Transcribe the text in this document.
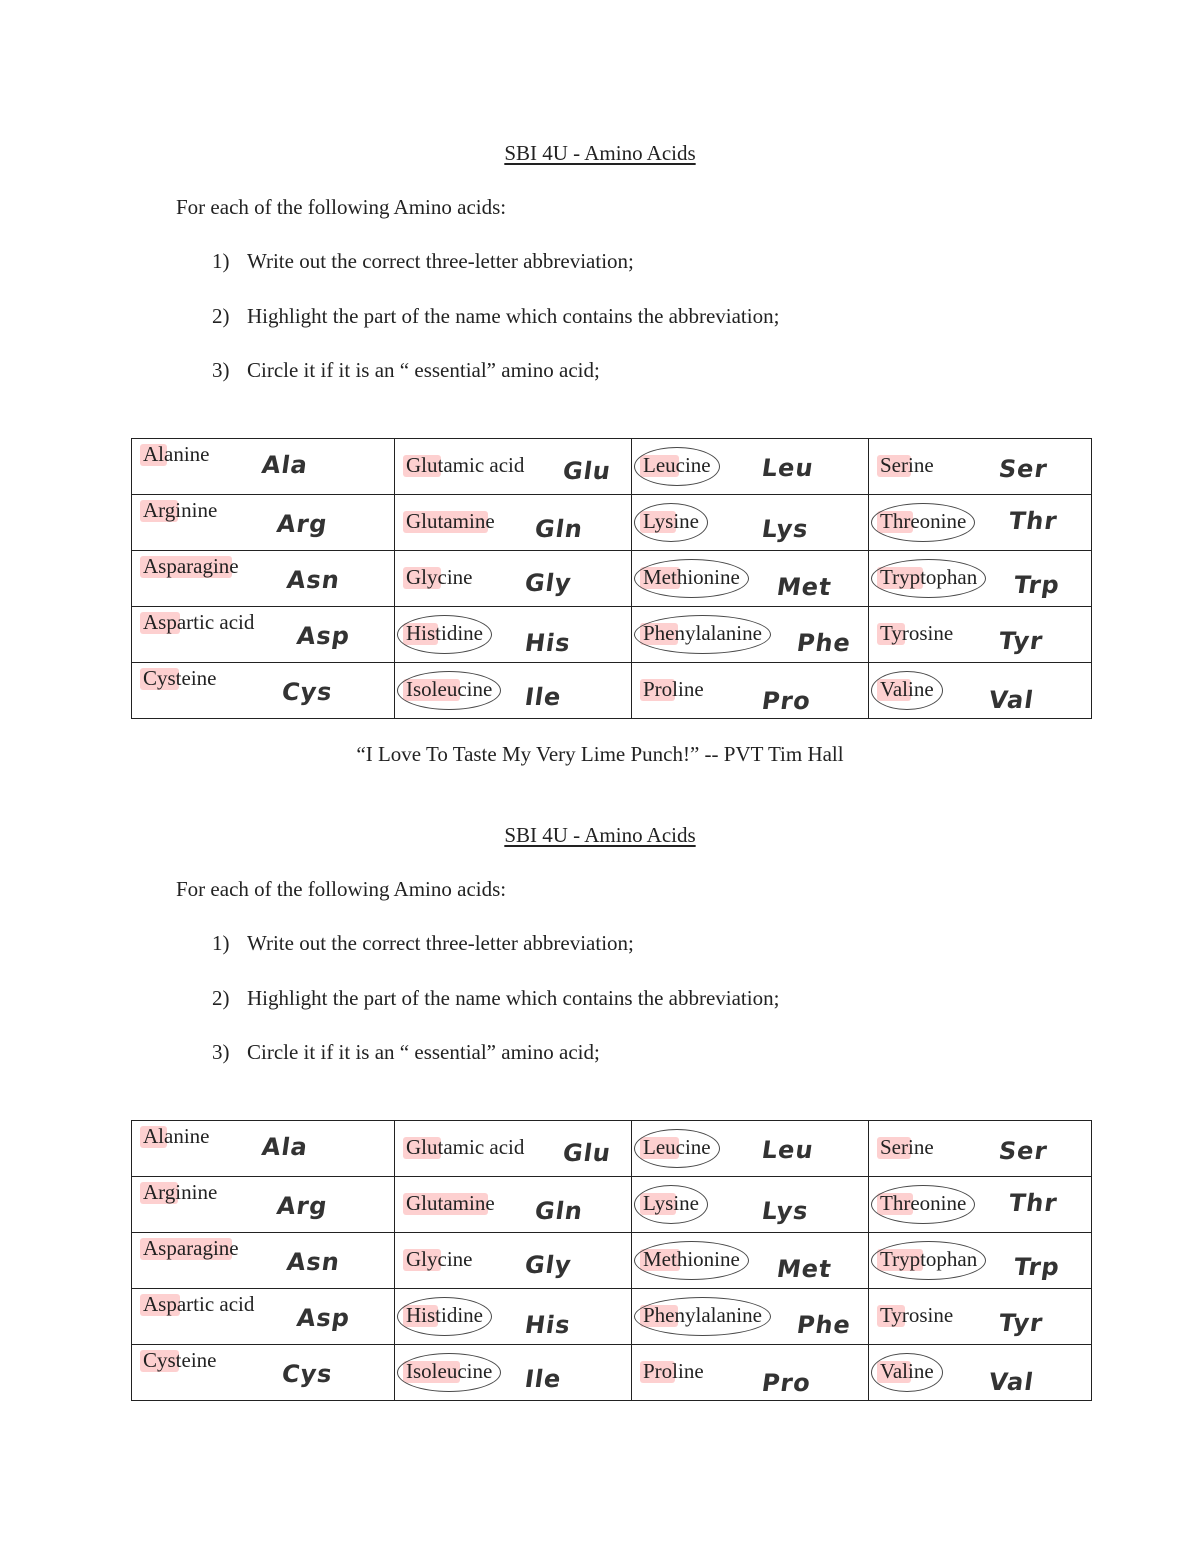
SBI 4U - Amino Acids
For each of the following Amino acids:
1) Write out the correct three-letter abbreviation;
2) Highlight the part of the name which contains the abbreviation;
3) Circle it if it is an “ essential” amino acid;
Alanine Ala	Glutamic acid Glu	Leucine Leu	Serine Ser

Arginine Arg	Glutamine Gln	Lysine Lys	Threonine Thr

Asparagine Asn	Glycine Gly	Methionine Met	Tryptophan Trp

Aspartic acid Asp	Histidine His	Phenylalanine Phe	Tyrosine Tyr

Cysteine Cys	Isoleucine Ile	Proline Pro	Valine Val
“I Love To Taste My Very Lime Punch!” -- PVT Tim Hall
SBI 4U - Amino Acids
For each of the following Amino acids:
1) Write out the correct three-letter abbreviation;
2) Highlight the part of the name which contains the abbreviation;
3) Circle it if it is an “ essential” amino acid;
Alanine Ala	Glutamic acid Glu	Leucine Leu	Serine Ser

Arginine Arg	Glutamine Gln	Lysine Lys	Threonine Thr

Asparagine Asn	Glycine Gly	Methionine Met	Tryptophan Trp

Aspartic acid Asp	Histidine His	Phenylalanine Phe	Tyrosine Tyr

Cysteine Cys	Isoleucine Ile	Proline Pro	Valine Val
